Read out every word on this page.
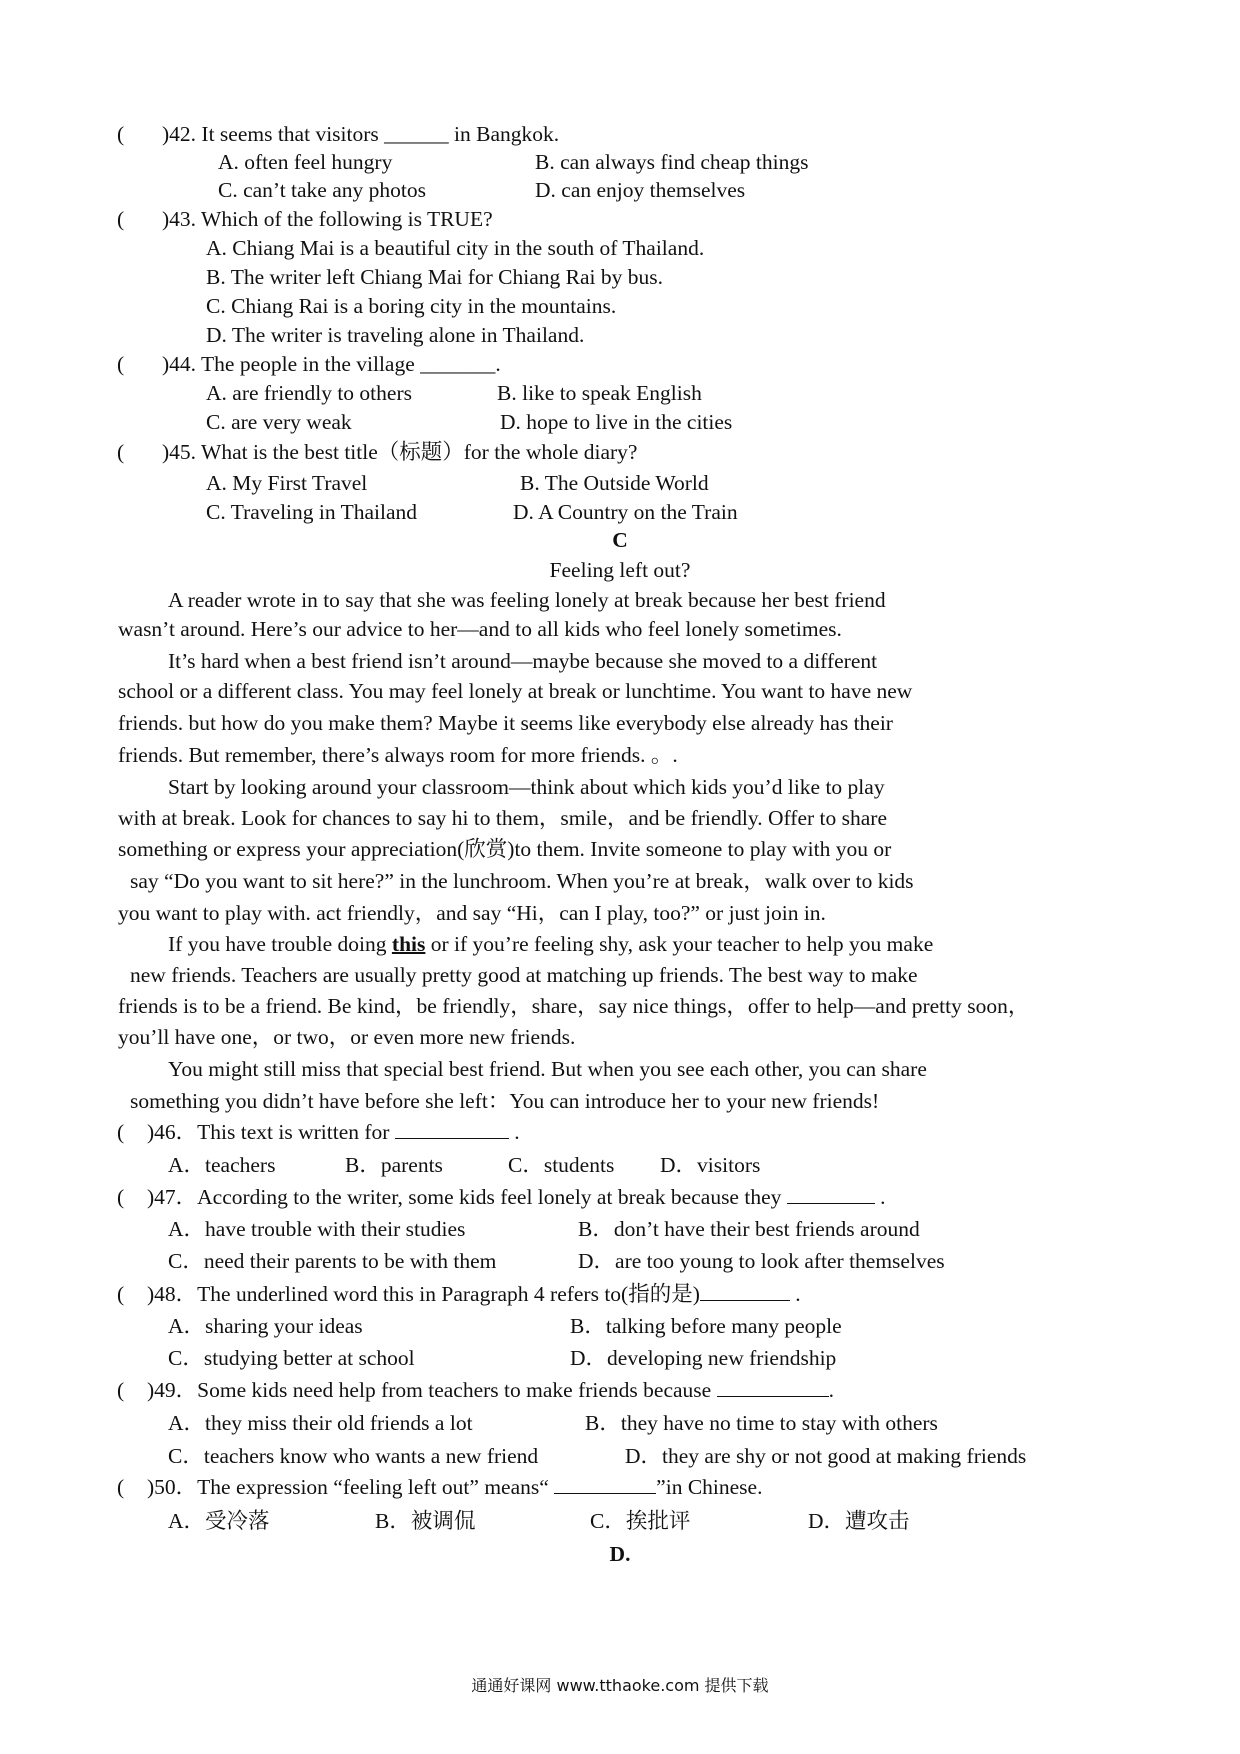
( )42. It seems that visitors ______ in Bangkok.
A. often feel hungry	B. can always find cheap things
C. can’t take any photos	D. can enjoy themselves
( )43. Which of the following is TRUE?
A. Chiang Mai is a beautiful city in the south of Thailand.
B. The writer left Chiang Mai for Chiang Rai by bus.
C. Chiang Rai is a boring city in the mountains.
D. The writer is traveling alone in Thailand.
( )44. The people in the village _______.
A. are friendly to others	B. like to speak English
C. are very weak	D. hope to live in the cities
( )45. What is the best title（标题）for the whole diary?
A. My First Travel	B. The Outside World
C. Traveling in Thailand	D. A Country on the Train
C
Feeling left out?
A reader wrote in to say that she was feeling lonely at break because her best friend
wasn’t around. Here’s our advice to her—and to all kids who feel lonely sometimes.
It’s hard when a best friend isn’t around—maybe because she moved to a different
school or a different class. You may feel lonely at break or lunchtime. You want to have new
friends. but how do you make them? Maybe it seems like everybody else already has their
friends. But remember, there’s always room for more friends. 。.
Start by looking around your classroom—think about which kids you’d like to play
with at break. Look for chances to say hi to them，smile，and be friendly. Offer to share
something or express your appreciation(欣赏)to them. Invite someone to play with you or
say “Do you want to sit here?” in the lunchroom. When you’re at break，walk over to kids
you want to play with. act friendly，and say “Hi，can I play, too?” or just join in.
If you have trouble doing this or if you’re feeling shy, ask your teacher to help you make
new friends. Teachers are usually pretty good at matching up friends. The best way to make
friends is to be a friend. Be kind，be friendly，share，say nice things，offer to help—and pretty soon，
you’ll have one，or two，or even more new friends.
You might still miss that special best friend. But when you see each other, you can share
something you didn’t have before she left：You can introduce her to your new friends!
( )46．This text is written for	.
A．teachers	B．parents	C．students D．visitors
( )47．According to the writer, some kids feel lonely at break because they	.
A．have trouble with their studies	B．don’t have their best friends around
C．need their parents to be with them	D．are too young to look after themselves
( )48．The underlined word this in Paragraph 4 refers to(指的是)	.
A．sharing your ideas	B．talking before many people
C．studying better at school	D．developing new friendship
( )49．Some kids need help from teachers to make friends because	.
A．they miss their old friends a lot	B．they have no time to stay with others
C．teachers know who wants a new friend	D．they are shy or not good at making friends
( )50．The expression “feeling left out” means“	”in Chinese.
A．受冷落	B．被调侃	C．挨批评	D．遭攻击
D.
通通好课网 www.tthaoke.com 提供下载
